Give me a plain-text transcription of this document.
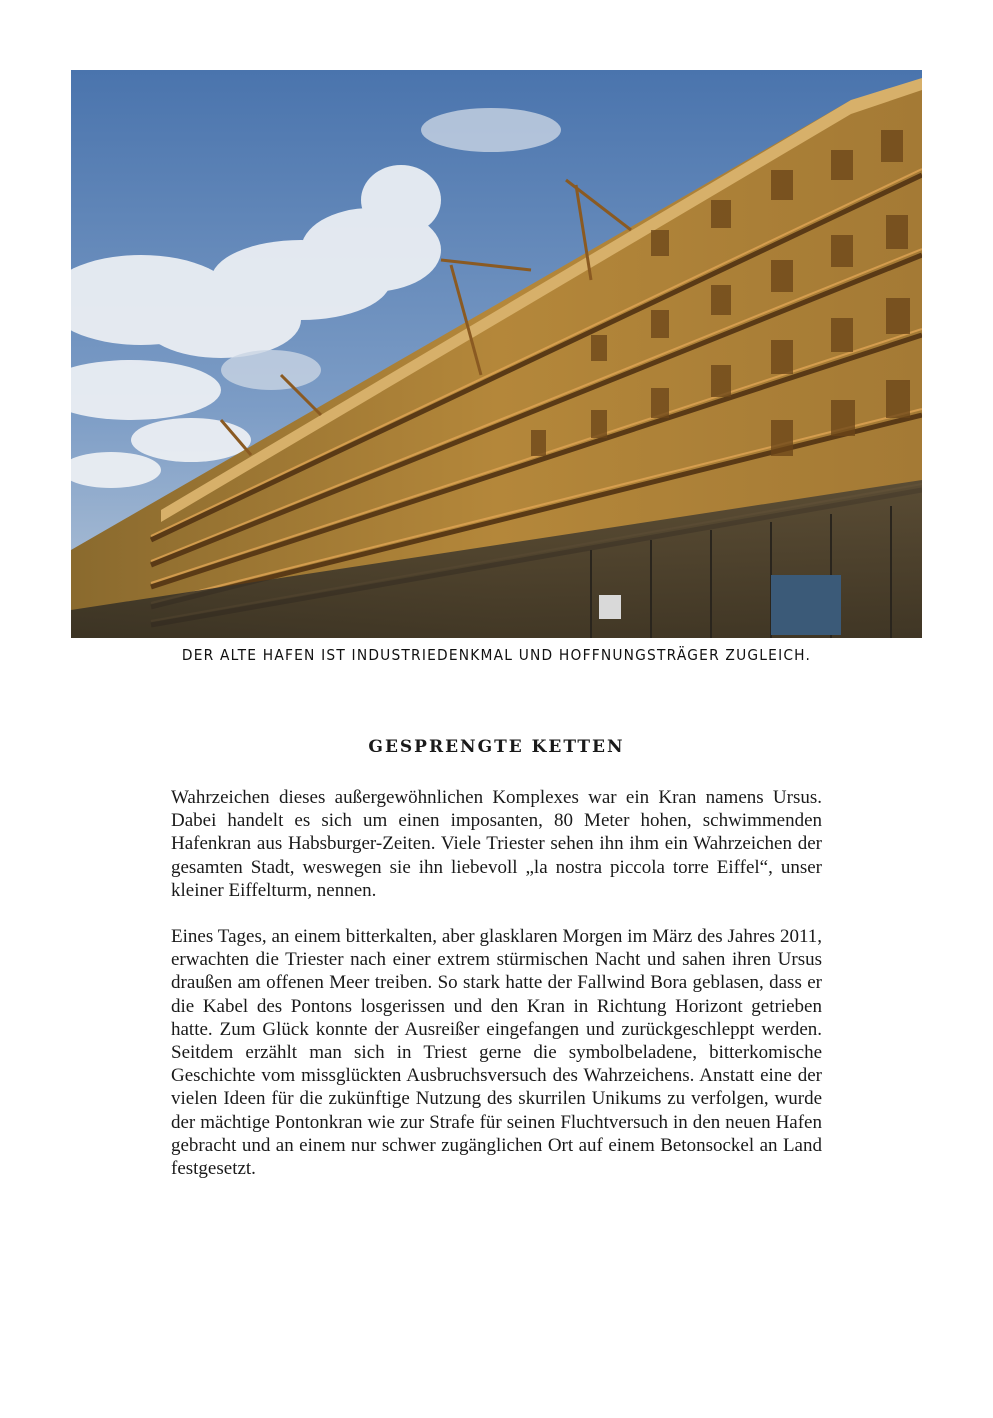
DER ALTE HAFEN IST INDUSTRIEDENKMAL UND HOFFNUNGSTRÄGER ZUGLEICH.
GESPRENGTE KETTEN

Wahrzeichen dieses außergewöhnlichen Komplexes war ein Kran namens Ursus. Dabei handelt es sich um einen imposanten, 80 Meter hohen, schwimmenden Hafenkran aus Habsburger-Zeiten. Viele Triester sehen ihn ihm ein Wahrzeichen der gesamten Stadt, weswegen sie ihn liebevoll „la nostra piccola torre Eiffel“, unser kleiner Eiffelturm, nennen.

Eines Tages, an einem bitterkalten, aber glasklaren Morgen im März des Jahres 2011, erwachten die Triester nach einer extrem stürmischen Nacht und sahen ihren Ursus draußen am offenen Meer treiben. So stark hatte der Fallwind Bora geblasen, dass er die Kabel des Pontons losgerissen und den Kran in Richtung Horizont getrieben hatte. Zum Glück konnte der Ausreißer eingefangen und zurückgeschleppt werden. Seitdem erzählt man sich in Triest gerne die symbolbeladene, bitterkomische Geschichte vom missglückten Ausbruchsversuch des Wahrzeichens. Anstatt eine der vielen Ideen für die zukünftige Nutzung des skurrilen Unikums zu verfolgen, wurde der mächtige Pontonkran wie zur Strafe für seinen Fluchtversuch in den neuen Hafen gebracht und an einem nur schwer zugänglichen Ort auf einem Betonsockel an Land festgesetzt.
